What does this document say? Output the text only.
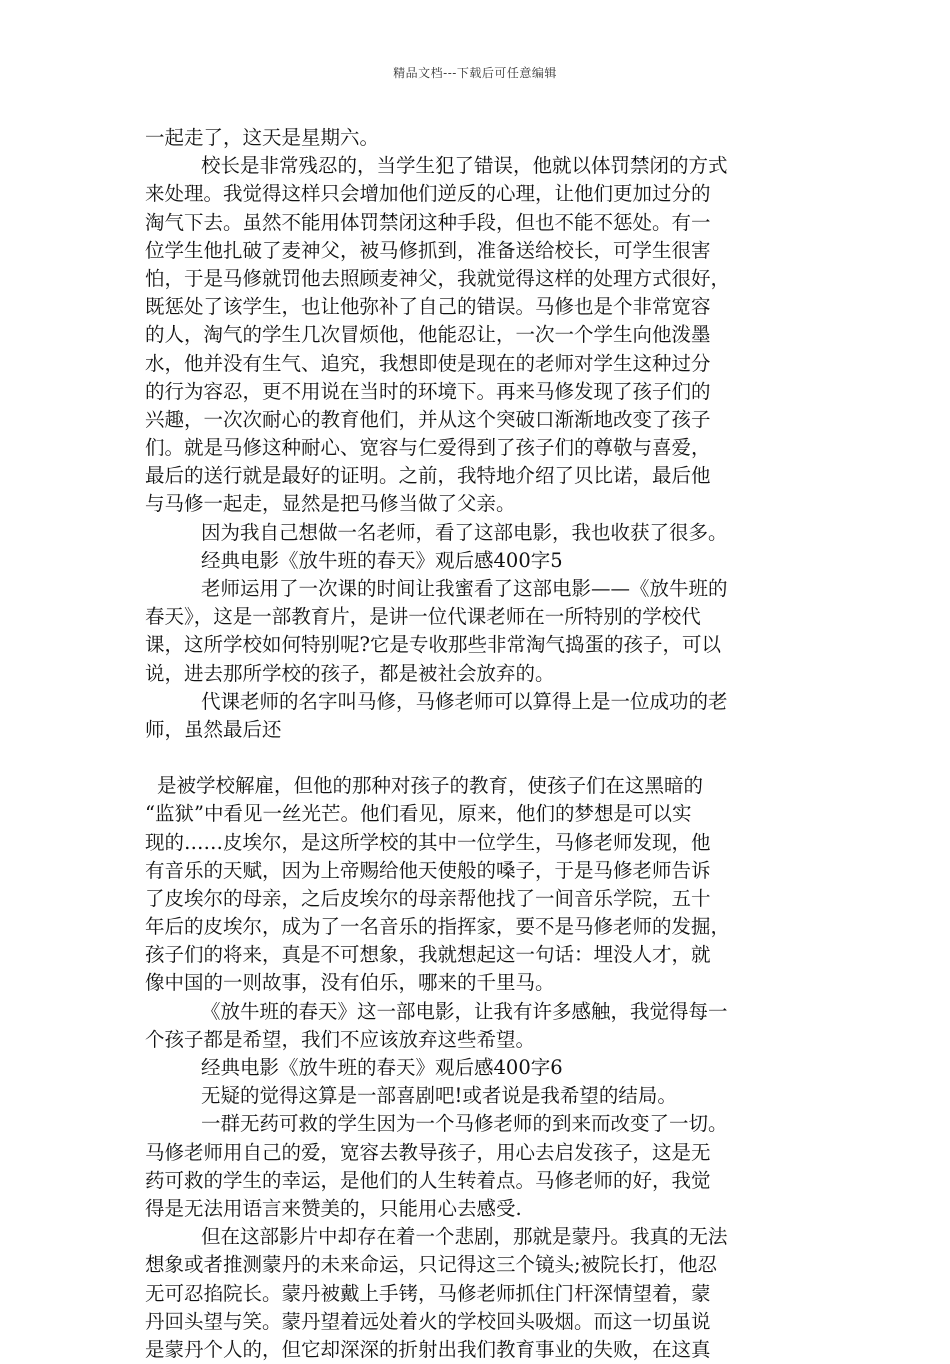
精品文档---下载后可任意编辑
一起走了，这天是星期六。
校长是非常残忍的，当学生犯了错误，他就以体罚禁闭的方式
来处理。我觉得这样只会增加他们逆反的心理，让他们更加过分的
淘气下去。虽然不能用体罚禁闭这种手段，但也不能不惩处。有一
位学生他扎破了麦神父，被马修抓到，准备送给校长，可学生很害
怕，于是马修就罚他去照顾麦神父，我就觉得这样的处理方式很好，
既惩处了该学生，也让他弥补了自己的错误。马修也是个非常宽容
的人，淘气的学生几次冒烦他，他能忍让，一次一个学生向他泼墨
水，他并没有生气、追究，我想即使是现在的老师对学生这种过分
的行为容忍，更不用说在当时的环境下。再来马修发现了孩子们的
兴趣，一次次耐心的教育他们，并从这个突破口渐渐地改变了孩子
们。就是马修这种耐心、宽容与仁爱得到了孩子们的尊敬与喜爱，
最后的送行就是最好的证明。之前，我特地介绍了贝比诺，最后他
与马修一起走，显然是把马修当做了父亲。
因为我自己想做一名老师，看了这部电影，我也收获了很多。
经典电影《放牛班的春天》观后感400字5
老师运用了一次课的时间让我蜜看了这部电影——《放牛班的
春天》，这是一部教育片，是讲一位代课老师在一所特别的学校代
课，这所学校如何特别呢?它是专收那些非常淘气捣蛋的孩子，可以
说，进去那所学校的孩子，都是被社会放弃的。
代课老师的名字叫马修，马修老师可以算得上是一位成功的老
师，虽然最后还
是被学校解雇，但他的那种对孩子的教育，使孩子们在这黑暗的
“监狱”中看见一丝光芒。他们看见，原来，他们的梦想是可以实
现的……皮埃尔，是这所学校的其中一位学生，马修老师发现，他
有音乐的天赋，因为上帝赐给他天使般的嗓子，于是马修老师告诉
了皮埃尔的母亲，之后皮埃尔的母亲帮他找了一间音乐学院，五十
年后的皮埃尔，成为了一名音乐的指挥家，要不是马修老师的发掘，
孩子们的将来，真是不可想象，我就想起这一句话：埋没人才，就
像中国的一则故事，没有伯乐，哪来的千里马。
《放牛班的春天》这一部电影，让我有许多感触，我觉得每一
个孩子都是希望，我们不应该放弃这些希望。
经典电影《放牛班的春天》观后感400字6
无疑的觉得这算是一部喜剧吧!或者说是我希望的结局。
一群无药可救的学生因为一个马修老师的到来而改变了一切。
马修老师用自己的爱，宽容去教导孩子，用心去启发孩子，这是无
药可救的学生的幸运，是他们的人生转着点。马修老师的好，我觉
得是无法用语言来赞美的，只能用心去感受.
但在这部影片中却存在着一个悲剧，那就是蒙丹。我真的无法
想象或者推测蒙丹的未来命运，只记得这三个镜头;被院长打，他忍
无可忍掐院长。蒙丹被戴上手铐，马修老师抓住门杆深情望着，蒙
丹回头望与笑。蒙丹望着远处着火的学校回头吸烟。而这一切虽说
是蒙丹个人的，但它却深深的折射出我们教育事业的失败，在这真
